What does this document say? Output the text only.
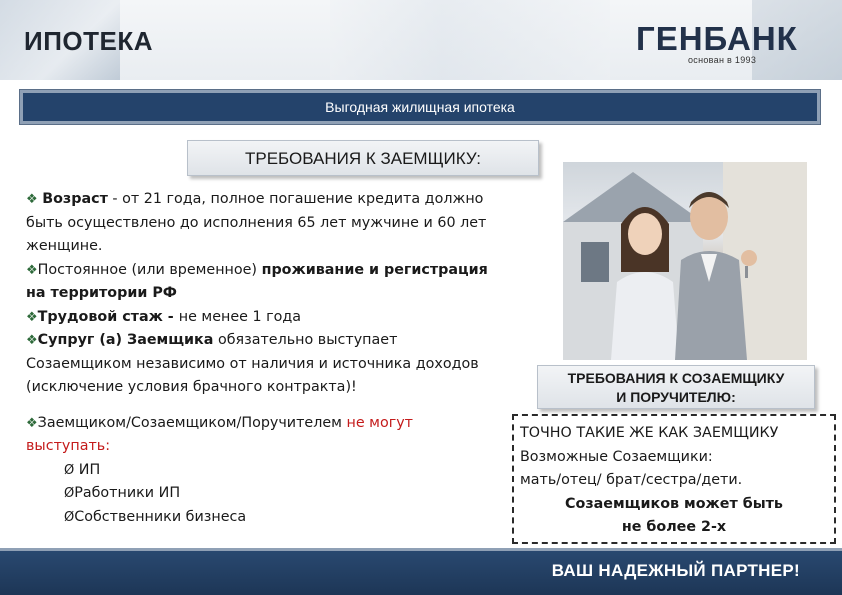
ИПОТЕКА	ГЕНБАНК
основан в 1993
Выгодная жилищная ипотека
ТРЕБОВАНИЯ К ЗАЕМЩИКУ:

❖ Возраст - от 21 года, полное погашение кредита должно быть осуществлено до исполнения 65 лет мужчине и 60 лет женщине.

❖Постоянное (или временное) проживание и регистрация на территории РФ

❖Трудовой стаж - не менее 1 года

❖Супруг (а) Заемщика обязательно выступает Созаемщиком независимо от наличия и источника доходов (исключение условия брачного контракта)!

❖Заемщиком/Созаемщиком/Поручителем не могут выступать:

Ø ИП

ØРаботники ИП

ØСобственники бизнеса

ТРЕБОВАНИЯ К СОЗАЕМЩИКУ
И ПОРУЧИТЕЛЮ:

ТОЧНО ТАКИЕ ЖЕ КАК ЗАЕМЩИКУ

Возможные Созаемщики:

мать/отец/ брат/сестра/дети.

Созаемщиков может быть

не более 2-х

ВАШ НАДЕЖНЫЙ ПАРТНЕР!
